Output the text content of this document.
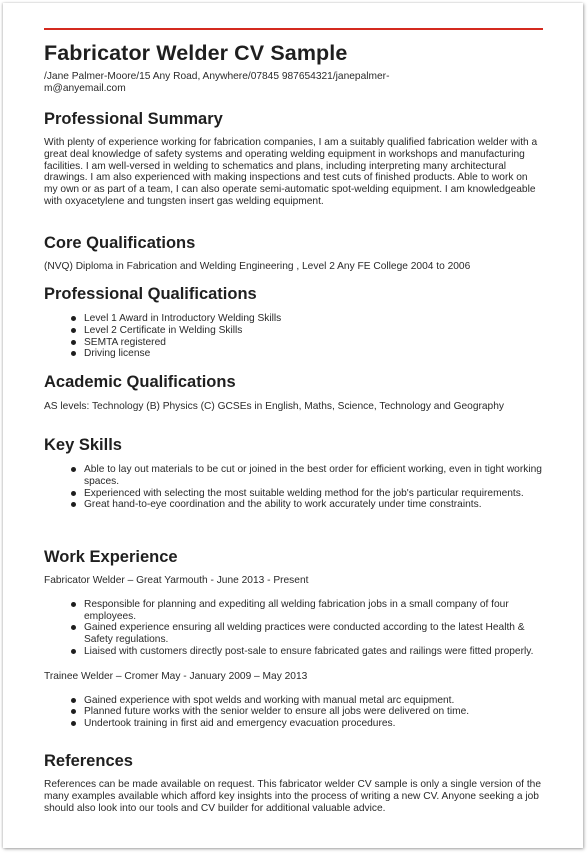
Fabricator Welder CV Sample
/Jane Palmer-Moore/15 Any Road, Anywhere/07845 987654321/janepalmer-m@anyemail.com
Professional Summary

With plenty of experience working for fabrication companies, I am a suitably qualified fabrication welder with a great deal knowledge of safety systems and operating welding equipment in workshops and manufacturing facilities. I am well-versed in welding to schematics and plans, including interpreting many architectural drawings. I am also experienced with making inspections and test cuts of finished products. Able to work on my own or as part of a team, I can also operate semi-automatic spot-welding equipment. I am knowledgeable with oxyacetylene and tungsten insert gas welding equipment.

Core Qualifications

(NVQ) Diploma in Fabrication and Welding Engineering , Level 2 Any FE College 2004 to 2006

Professional Qualifications
Level 1 Award in Introductory Welding Skills
Level 2 Certificate in Welding Skills
SEMTA registered
Driving license
Academic Qualifications

AS levels: Technology (B) Physics (C) GCSEs in English, Maths, Science, Technology and Geography

Key Skills
Able to lay out materials to be cut or joined in the best order for efficient working, even in tight working spaces.
Experienced with selecting the most suitable welding method for the job's particular requirements.
Great hand-to-eye coordination and the ability to work accurately under time constraints.
Work Experience
Fabricator Welder – Great Yarmouth - June 2013 - Present
Responsible for planning and expediting all welding fabrication jobs in a small company of four employees.
Gained experience ensuring all welding practices were conducted according to the latest Health & Safety regulations.
Liaised with customers directly post-sale to ensure fabricated gates and railings were fitted properly.
Trainee Welder – Cromer May - January 2009 – May 2013
Gained experience with spot welds and working with manual metal arc equipment.
Planned future works with the senior welder to ensure all jobs were delivered on time.
Undertook training in first aid and emergency evacuation procedures.
References

References can be made available on request. This fabricator welder CV sample is only a single version of the many examples available which afford key insights into the process of writing a new CV. Anyone seeking a job should also look into our tools and CV builder for additional valuable advice.
